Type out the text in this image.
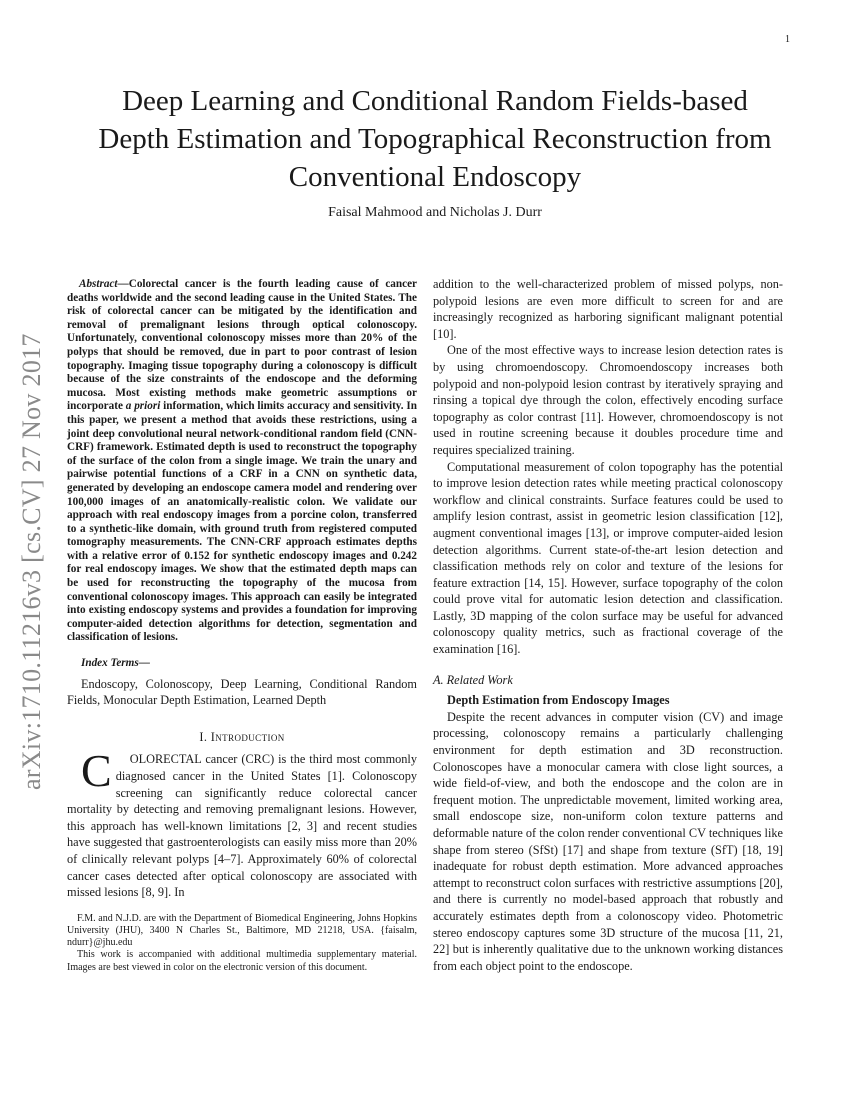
1
arXiv:1710.11216v3 [cs.CV] 27 Nov 2017
Deep Learning and Conditional Random Fields-based Depth Estimation and Topographical Reconstruction from Conventional Endoscopy
Faisal Mahmood and Nicholas J. Durr

Abstract—Colorectal cancer is the fourth leading cause of cancer deaths worldwide and the second leading cause in the United States. The risk of colorectal cancer can be mitigated by the identification and removal of premalignant lesions through optical colonoscopy. Unfortunately, conventional colonoscopy misses more than 20% of the polyps that should be removed, due in part to poor contrast of lesion topography. Imaging tissue topography during a colonoscopy is difficult because of the size constraints of the endoscope and the deforming mucosa. Most existing methods make geometric assumptions or incorporate a priori information, which limits accuracy and sensitivity. In this paper, we present a method that avoids these restrictions, using a joint deep convolutional neural network-conditional random field (CNN-CRF) framework. Estimated depth is used to reconstruct the topography of the surface of the colon from a single image. We train the unary and pairwise potential functions of a CRF in a CNN on synthetic data, generated by developing an endoscope camera model and rendering over 100,000 images of an anatomically-realistic colon. We validate our approach with real endoscopy images from a porcine colon, transferred to a synthetic-like domain, with ground truth from registered computed tomography measurements. The CNN-CRF approach estimates depths with a relative error of 0.152 for synthetic endoscopy images and 0.242 for real endoscopy images. We show that the estimated depth maps can be used for reconstructing the topography of the mucosa from conventional colonoscopy images. This approach can easily be integrated into existing endoscopy systems and provides a foundation for improving computer-aided detection algorithms for detection, segmentation and classification of lesions.

Index Terms—

Endoscopy, Colonoscopy, Deep Learning, Conditional Random Fields, Monocular Depth Estimation, Learned Depth

I. Introduction

C OLORECTAL cancer (CRC) is the third most commonly diagnosed cancer in the United States [1]. Colonoscopy screening can significantly reduce colorectal cancer mortality by detecting and removing premalignant lesions. However, this approach has well-known limitations [2, 3] and recent studies have suggested that gastroenterologists can easily miss more than 20% of clinically relevant polyps [4–7]. Approximately 60% of colorectal cancer cases detected after optical colonoscopy are associated with missed lesions [8, 9]. In

F.M. and N.J.D. are with the Department of Biomedical Engineering, Johns Hopkins University (JHU), 3400 N Charles St., Baltimore, MD 21218, USA. {faisalm, ndurr}@jhu.edu

This work is accompanied with additional multimedia supplementary material. Images are best viewed in color on the electronic version of this document.

addition to the well-characterized problem of missed polyps, non-polypoid lesions are even more difficult to screen for and are increasingly recognized as harboring significant malignant potential [10].

One of the most effective ways to increase lesion detection rates is by using chromoendoscopy. Chromoendoscopy increases both polypoid and non-polypoid lesion contrast by iteratively spraying and rinsing a topical dye through the colon, effectively encoding surface topography as color contrast [11]. However, chromoendoscopy is not used in routine screening because it doubles procedure time and requires specialized training.

Computational measurement of colon topography has the potential to improve lesion detection rates while meeting practical colonoscopy workflow and clinical constraints. Surface features could be used to amplify lesion contrast, assist in geometric lesion classification [12], augment conventional images [13], or improve computer-aided lesion detection algorithms. Current state-of-the-art lesion detection and classification methods rely on color and texture of the lesions for feature extraction [14, 15]. However, surface topography of the colon could prove vital for automatic lesion detection and classification. Lastly, 3D mapping of the colon surface may be useful for advanced colonoscopy quality metrics, such as fractional coverage of the examination [16].

A. Related Work
Depth Estimation from Endoscopy Images

Despite the recent advances in computer vision (CV) and image processing, colonoscopy remains a particularly challenging environment for depth estimation and 3D reconstruction. Colonoscopes have a monocular camera with close light sources, a wide field-of-view, and both the endoscope and the colon are in frequent motion. The unpredictable movement, limited working area, small endoscope size, non-uniform colon texture patterns and deformable nature of the colon render conventional CV techniques like shape from stereo (SfSt) [17] and shape from texture (SfT) [18, 19] inadequate for robust depth estimation. More advanced approaches attempt to reconstruct colon surfaces with restrictive assumptions [20], and there is currently no model-based approach that robustly and accurately estimates depth from a colonoscopy video. Photometric stereo endoscopy captures some 3D structure of the mucosa [11, 21, 22] but is inherently qualitative due to the unknown working distances from each object point to the endoscope.
